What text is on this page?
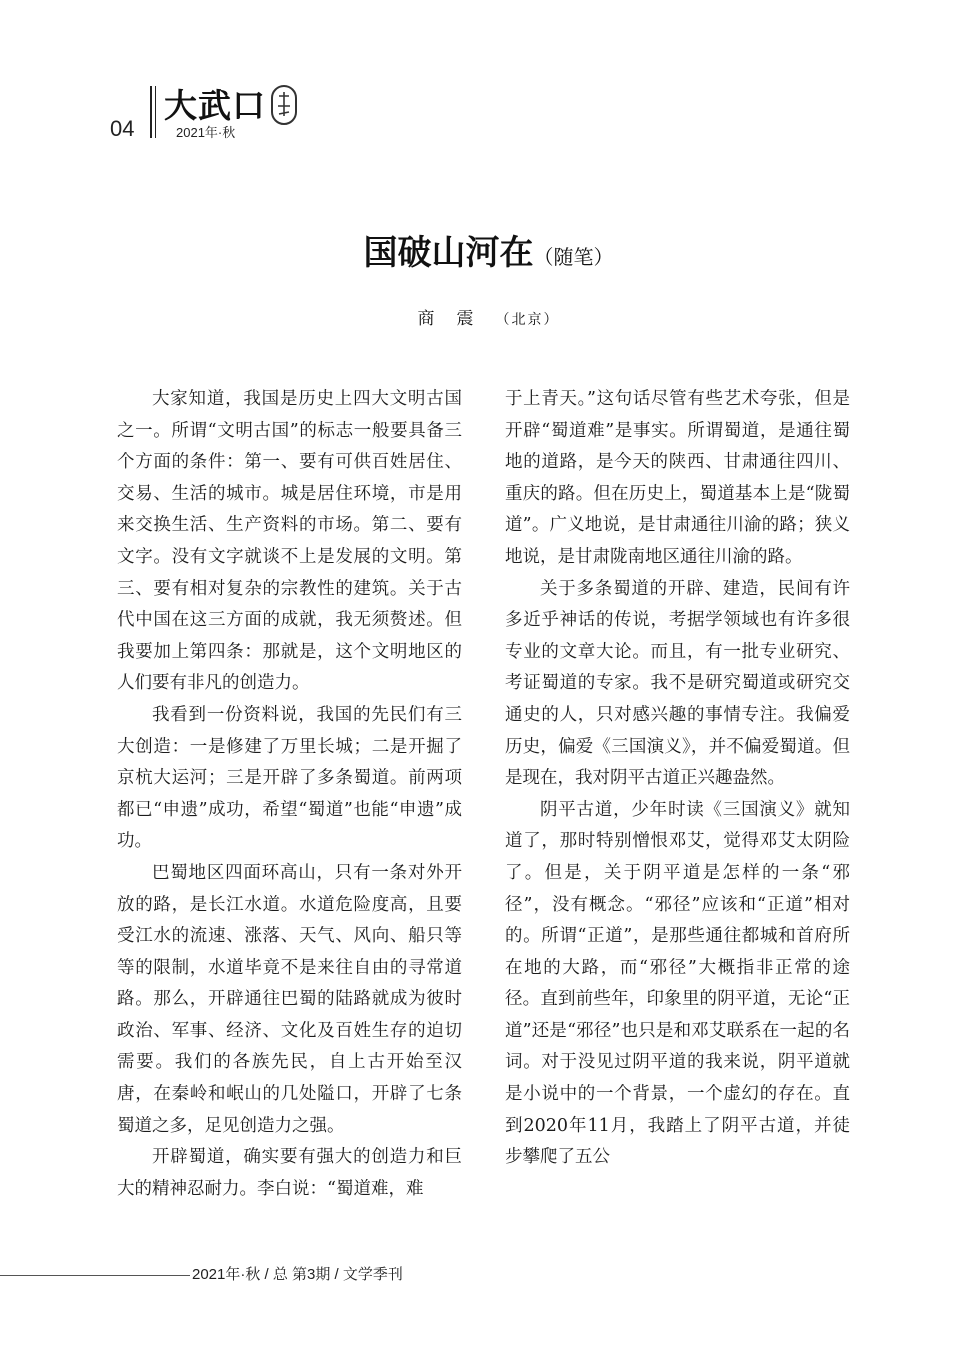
04
大武口
2021年·秋
国破山河在（随笔）
商震（北京）

大家知道，我国是历史上四大文明古国之一。所谓“文明古国”的标志一般要具备三个方面的条件：第一、要有可供百姓居住、交易、生活的城市。城是居住环境，市是用来交换生活、生产资料的市场。第二、要有文字。没有文字就谈不上是发展的文明。第三、要有相对复杂的宗教性的建筑。关于古代中国在这三方面的成就，我无须赘述。但我要加上第四条：那就是，这个文明地区的人们要有非凡的创造力。

我看到一份资料说，我国的先民们有三大创造：一是修建了万里长城；二是开掘了京杭大运河；三是开辟了多条蜀道。前两项都已“申遗”成功，希望“蜀道”也能“申遗”成功。

巴蜀地区四面环高山，只有一条对外开放的路，是长江水道。水道危险度高，且要受江水的流速、涨落、天气、风向、船只等等的限制，水道毕竟不是来往自由的寻常道路。那么，开辟通往巴蜀的陆路就成为彼时政治、军事、经济、文化及百姓生存的迫切需要。我们的各族先民，自上古开始至汉唐，在秦岭和岷山的几处隘口，开辟了七条蜀道之多，足见创造力之强。

开辟蜀道，确实要有强大的创造力和巨大的精神忍耐力。李白说：“蜀道难，难

于上青天。”这句话尽管有些艺术夸张，但是开辟“蜀道难”是事实。所谓蜀道，是通往蜀地的道路，是今天的陕西、甘肃通往四川、重庆的路。但在历史上，蜀道基本上是“陇蜀道”。广义地说，是甘肃通往川渝的路；狭义地说，是甘肃陇南地区通往川渝的路。

关于多条蜀道的开辟、建造，民间有许多近乎神话的传说，考据学领域也有许多很专业的文章大论。而且，有一批专业研究、考证蜀道的专家。我不是研究蜀道或研究交通史的人，只对感兴趣的事情专注。我偏爱历史，偏爱《三国演义》，并不偏爱蜀道。但是现在，我对阴平古道正兴趣盎然。

阴平古道，少年时读《三国演义》就知道了，那时特别憎恨邓艾，觉得邓艾太阴险了。但是，关于阴平道是怎样的一条“邪径”，没有概念。“邪径”应该和“正道”相对的。所谓“正道”，是那些通往都城和首府所在地的大路，而“邪径”大概指非正常的途径。直到前些年，印象里的阴平道，无论“正道”还是“邪径”也只是和邓艾联系在一起的名词。对于没见过阴平道的我来说，阴平道就是小说中的一个背景，一个虚幻的存在。直到2020年11月，我踏上了阴平古道，并徒步攀爬了五公

2021年·秋 / 总 第3期 / 文学季刊
